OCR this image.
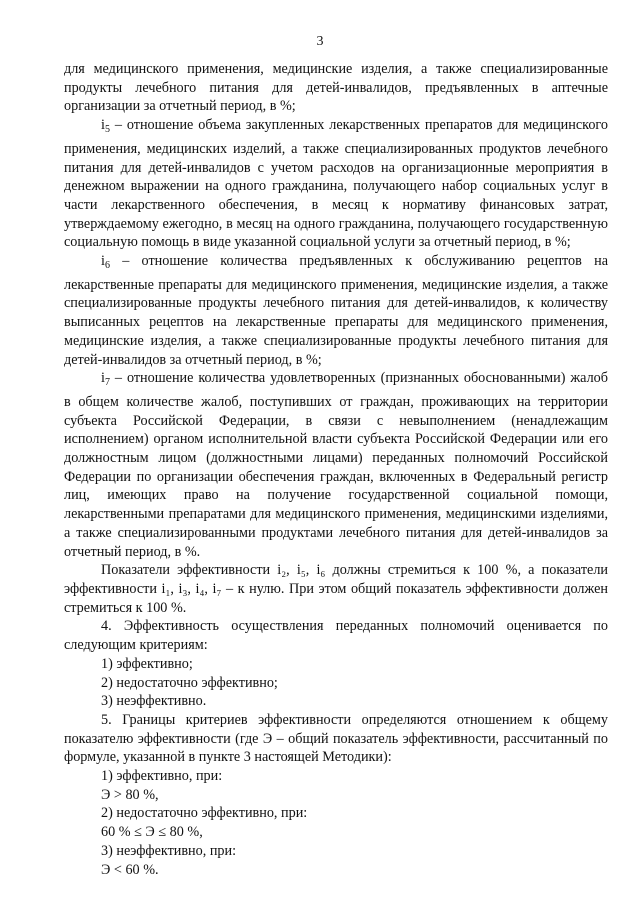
3

для медицинского применения, медицинские изделия, а также специализированные продукты лечебного питания для детей-инвалидов, предъявленных в аптечные организации за отчетный период, в %;

$i_5$ – отношение объема закупленных лекарственных препаратов для медицинского применения, медицинских изделий, а также специализированных продуктов лечебного питания для детей-инвалидов с учетом расходов на организационные мероприятия в денежном выражении на одного гражданина, получающего набор социальных услуг в части лекарственного обеспечения, в месяц к нормативу финансовых затрат, утверждаемому ежегодно, в месяц на одного гражданина, получающего государственную социальную помощь в виде указанной социальной услуги за отчетный период, в %;

$i_6$ – отношение количества предъявленных к обслуживанию рецептов на лекарственные препараты для медицинского применения, медицинские изделия, а также специализированные продукты лечебного питания для детей-инвалидов, к количеству выписанных рецептов на лекарственные препараты для медицинского применения, медицинские изделия, а также специализированные продукты лечебного питания для детей-инвалидов за отчетный период, в %;

$i_7$ – отношение количества удовлетворенных (признанных обоснованными) жалоб в общем количестве жалоб, поступивших от граждан, проживающих на территории субъекта Российской Федерации, в связи с невыполнением (ненадлежащим исполнением) органом исполнительной власти субъекта Российской Федерации или его должностным лицом (должностными лицами) переданных полномочий Российской Федерации по организации обеспечения граждан, включенных в Федеральный регистр лиц, имеющих право на получение государственной социальной помощи, лекарственными препаратами для медицинского применения, медицинскими изделиями, а также специализированными продуктами лечебного питания для детей-инвалидов за отчетный период, в %.

Показатели эффективности i₂, i₅, i₆ должны стремиться к 100 %, а показатели эффективности i₁, i₃, i₄, i₇ – к нулю. При этом общий показатель эффективности должен стремиться к 100 %.

4. Эффективность осуществления переданных полномочий оценивается по следующим критериям:

1) эффективно;

2) недостаточно эффективно;

3) неэффективно.

5. Границы критериев эффективности определяются отношением к общему показателю эффективности (где Э – общий показатель эффективности, рассчитанный по формуле, указанной в пункте 3 настоящей Методики):

1) эффективно, при:

Э > 80 %,

2) недостаточно эффективно, при:

60 % ≤ Э ≤ 80 %,

3) неэффективно, при:

Э < 60 %.
